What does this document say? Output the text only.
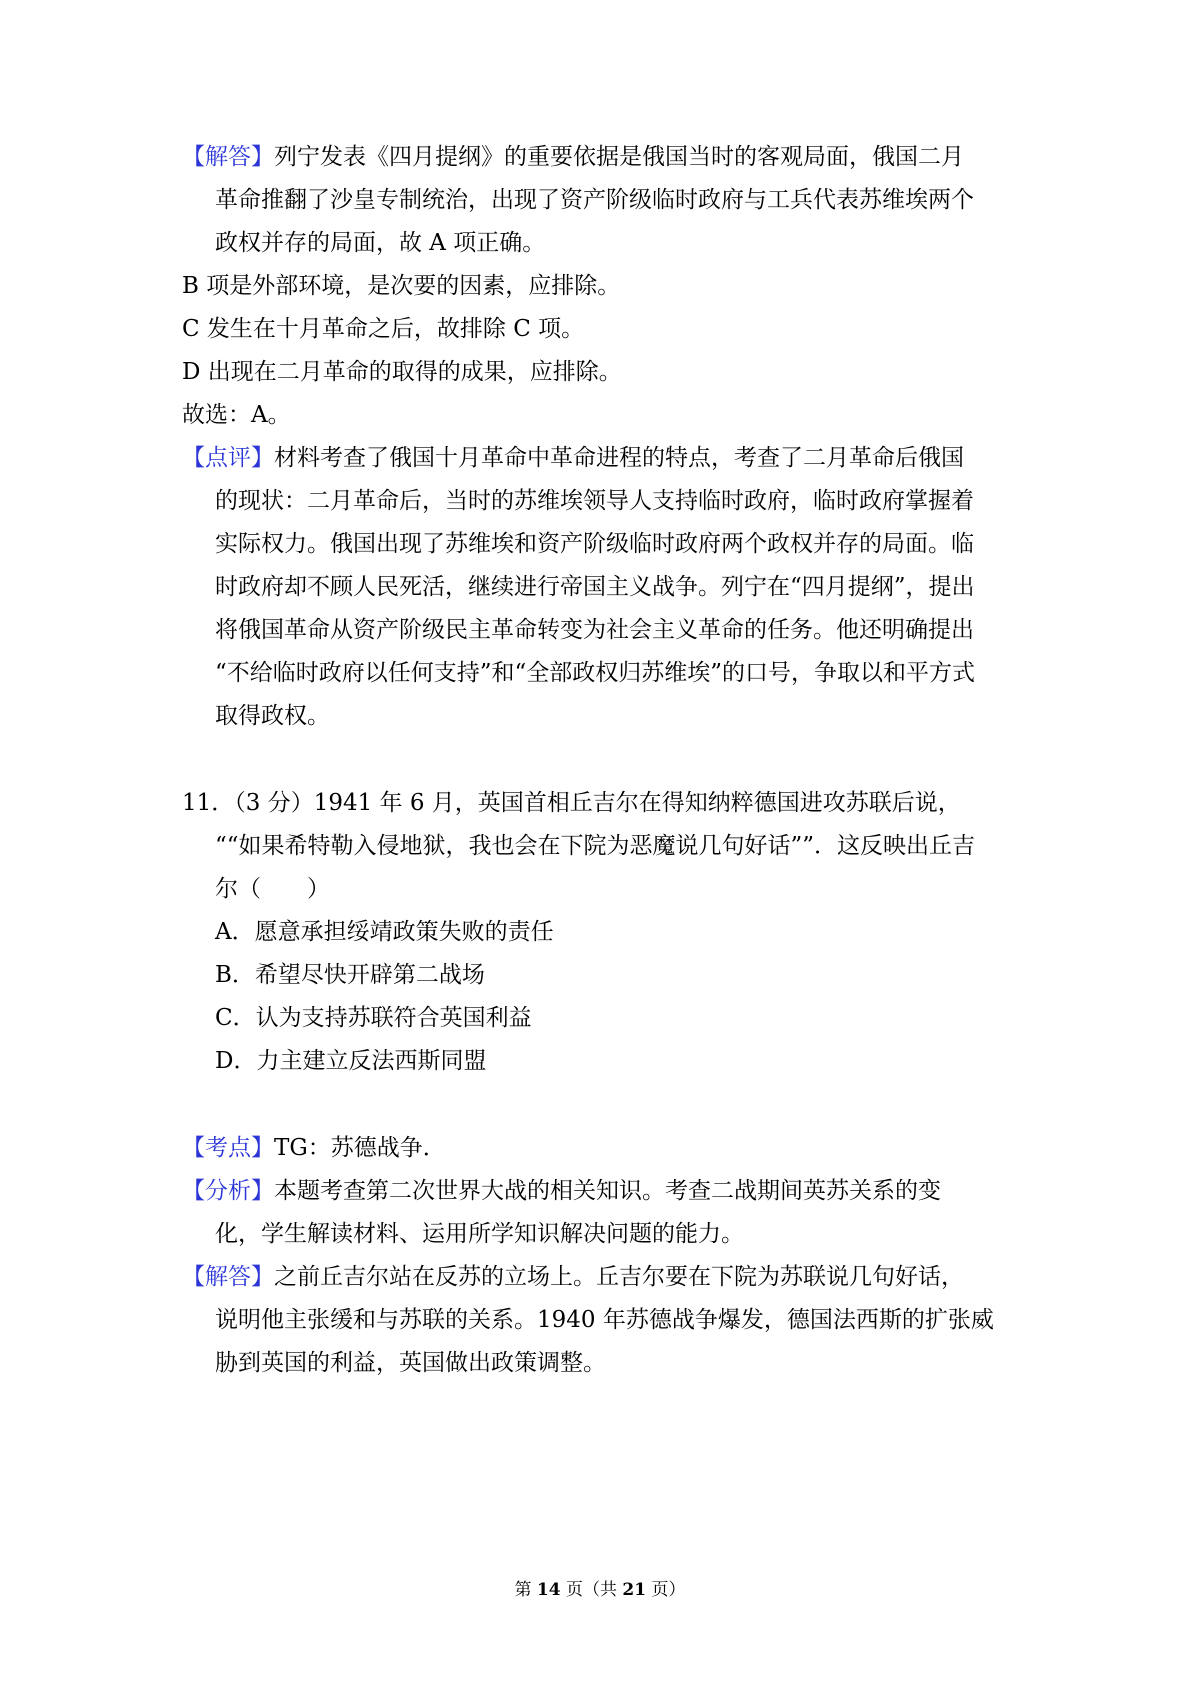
【解答】列宁发表《四月提纲》的重要依据是俄国当时的客观局面，俄国二月
革命推翻了沙皇专制统治，出现了资产阶级临时政府与工兵代表苏维埃两个
政权并存的局面，故 A 项正确。
B 项是外部环境，是次要的因素，应排除。
C 发生在十月革命之后，故排除 C 项。
D 出现在二月革命的取得的成果，应排除。
故选：A。
【点评】材料考查了俄国十月革命中革命进程的特点，考查了二月革命后俄国
的现状：二月革命后，当时的苏维埃领导人支持临时政府，临时政府掌握着
实际权力。俄国出现了苏维埃和资产阶级临时政府两个政权并存的局面。临
时政府却不顾人民死活，继续进行帝国主义战争。列宁在“四月提纲”，提出
将俄国革命从资产阶级民主革命转变为社会主义革命的任务。他还明确提出
“不给临时政府以任何支持”和“全部政权归苏维埃”的口号，争取以和平方式
取得政权。
11．（3 分）1941 年 6 月，英国首相丘吉尔在得知纳粹德国进攻苏联后说，
““如果希特勒入侵地狱，我也会在下院为恶魔说几句好话””．这反映出丘吉
尔（　　）
A．愿意承担绥靖政策失败的责任
B．希望尽快开辟第二战场
C．认为支持苏联符合英国利益
D．力主建立反法西斯同盟
【考点】TG：苏德战争．
【分析】本题考查第二次世界大战的相关知识。考查二战期间英苏关系的变
化，学生解读材料、运用所学知识解决问题的能力。
【解答】之前丘吉尔站在反苏的立场上。丘吉尔要在下院为苏联说几句好话，
说明他主张缓和与苏联的关系。1940 年苏德战争爆发，德国法西斯的扩张威
胁到英国的利益，英国做出政策调整。
第 14 页（共 21 页）
